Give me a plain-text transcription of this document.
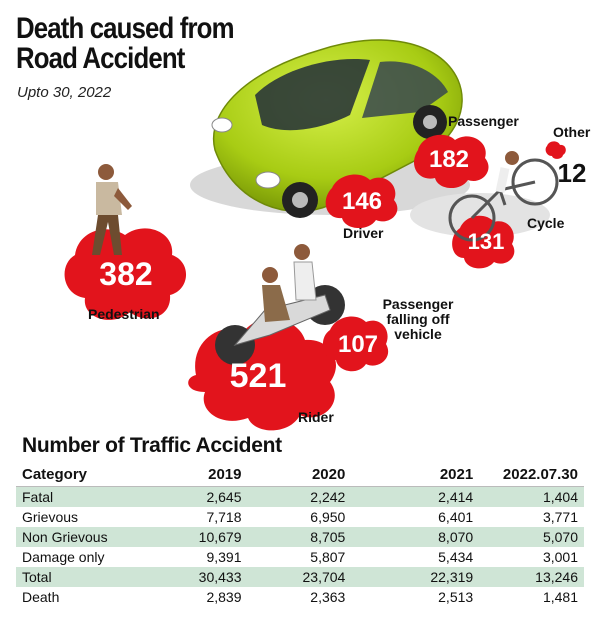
Death caused from Road Accident
Upto 30, 2022
521
382
182
146
131
107
12
Rider
Pedestrian
Passenger
Driver
Cycle
Passenger falling off vehicle
Other
Number of Traffic Accident
Category	2019	2020	2021	2022.07.30
Fatal	2,645	2,242	2,414	1,404
Grievous	7,718	6,950	6,401	3,771
Non Grievous	10,679	8,705	8,070	5,070
Damage only	9,391	5,807	5,434	3,001
Total	30,433	23,704	22,319	13,246
Death	2,839	2,363	2,513	1,481
